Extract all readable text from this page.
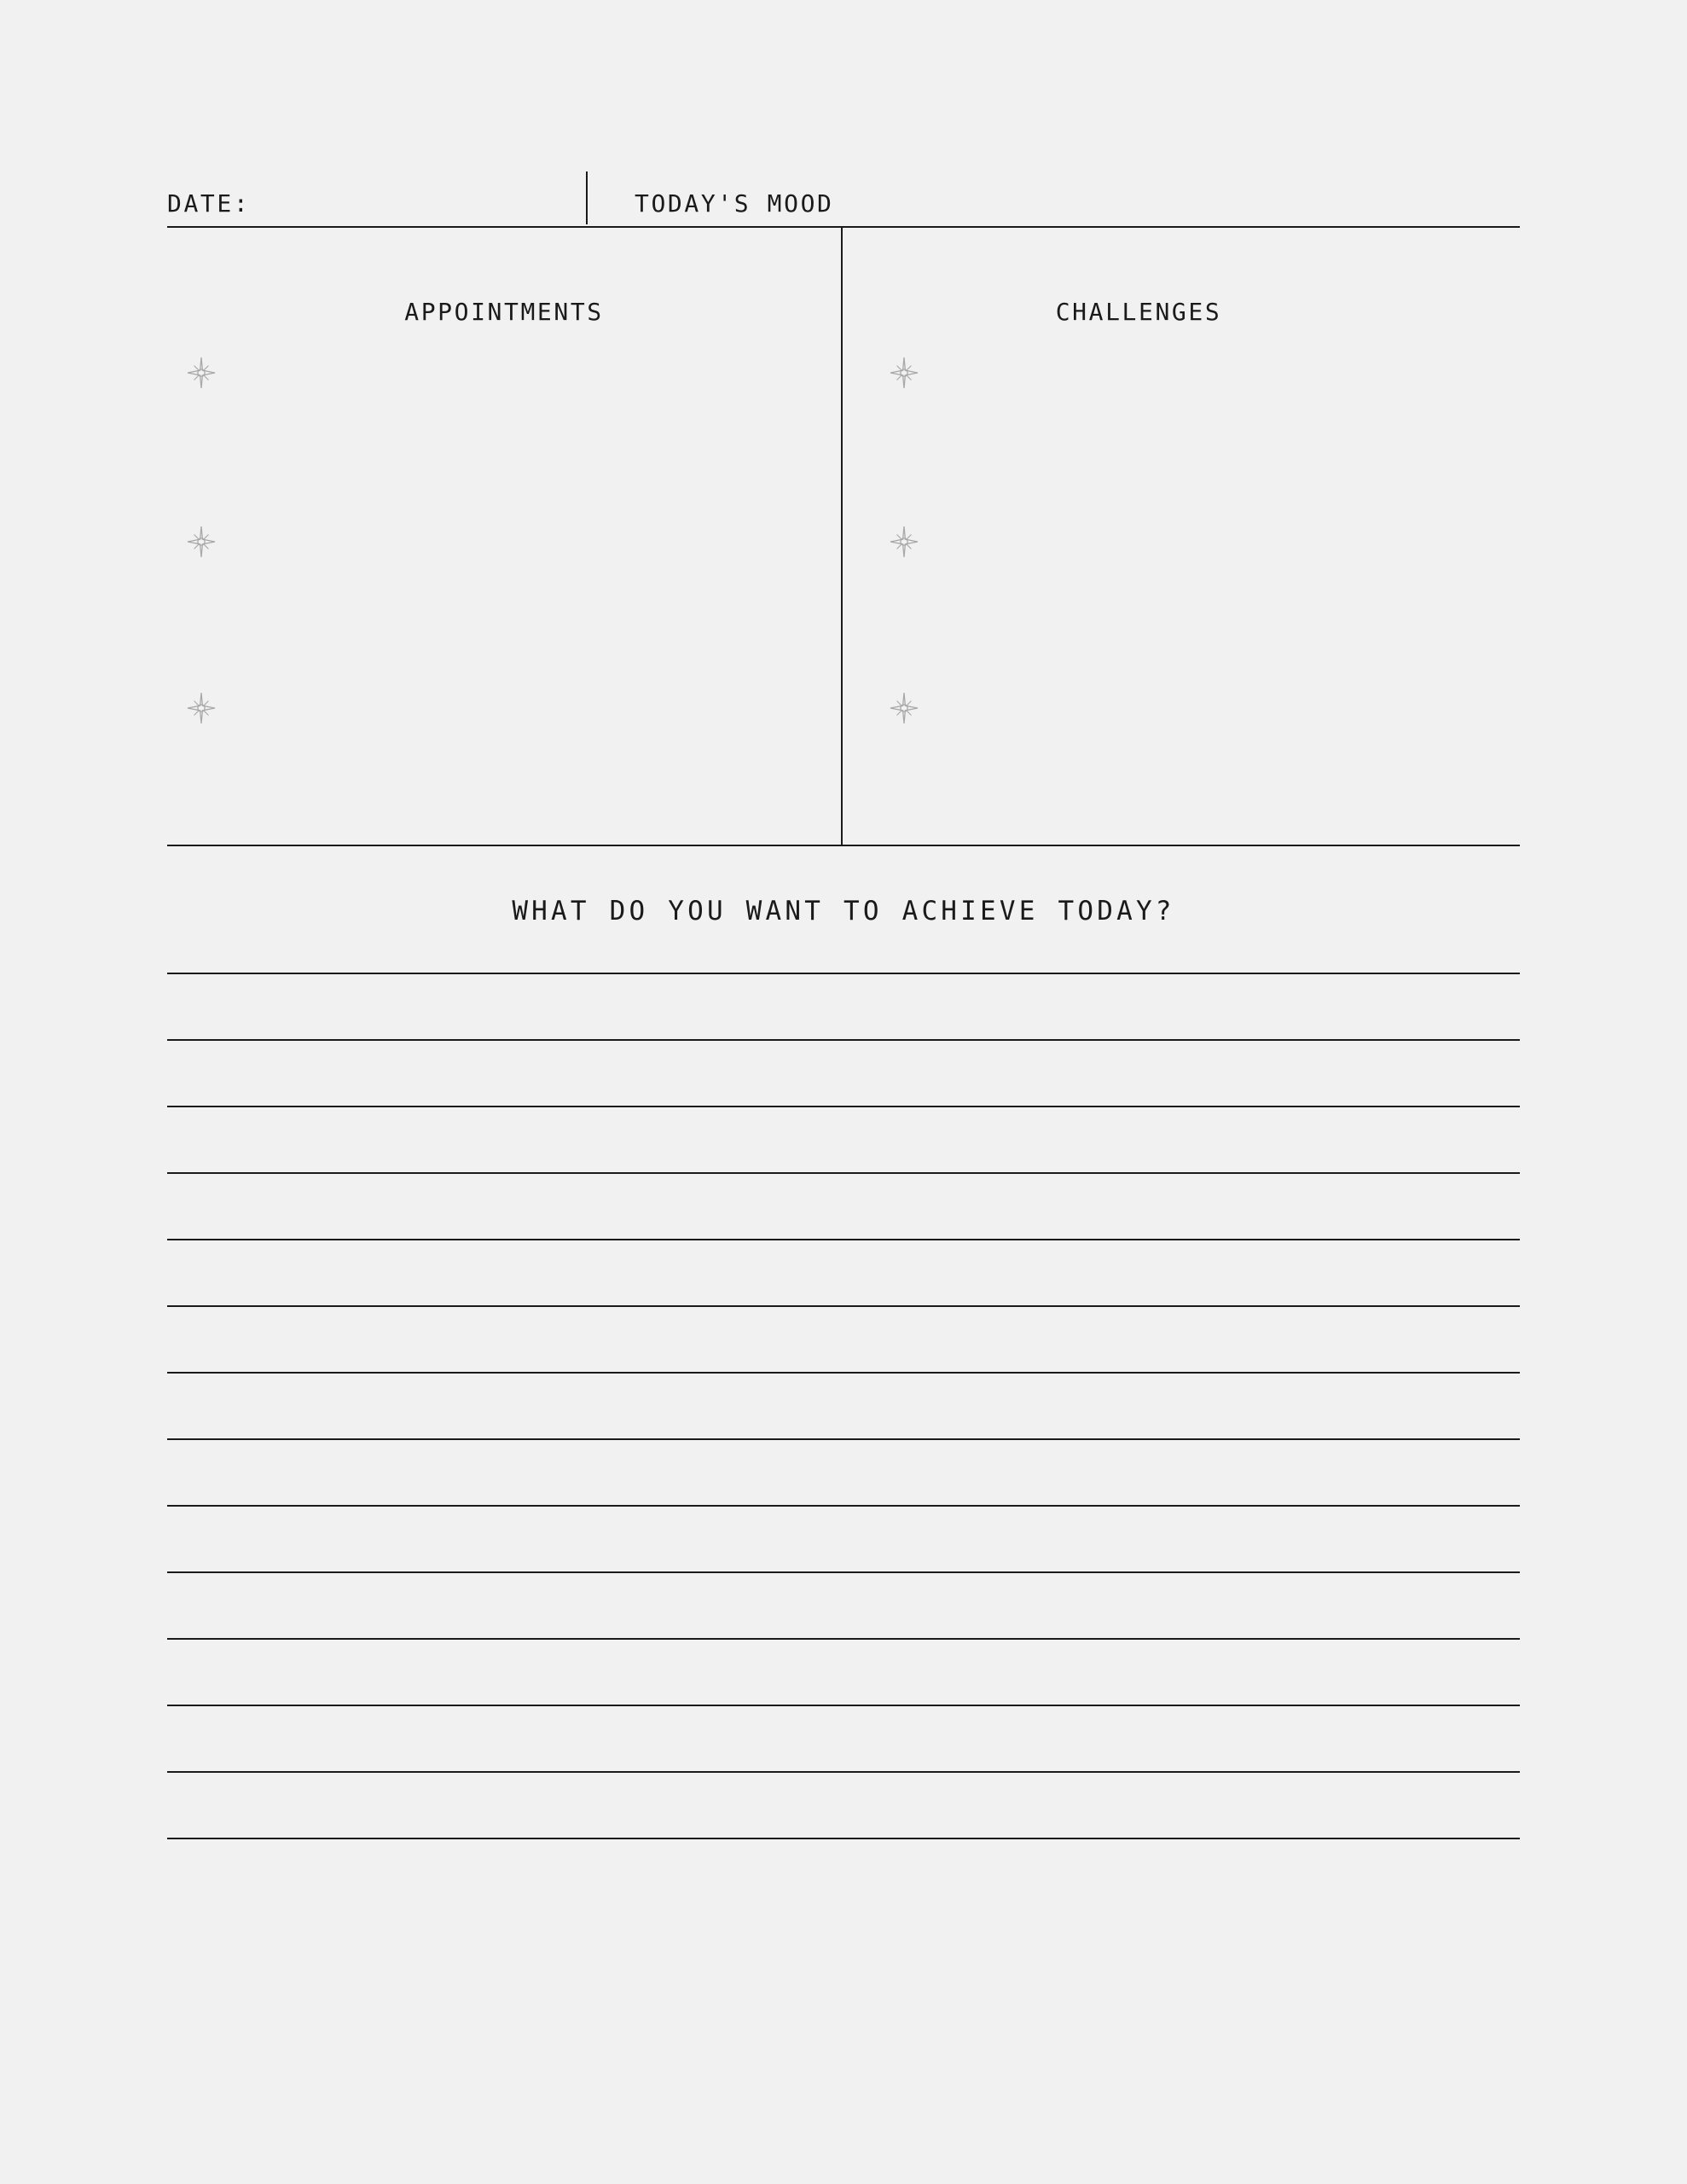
DATE:	TODAY'S MOOD
APPOINTMENTS	CHALLENGES
WHAT DO YOU WANT TO ACHIEVE TODAY?
